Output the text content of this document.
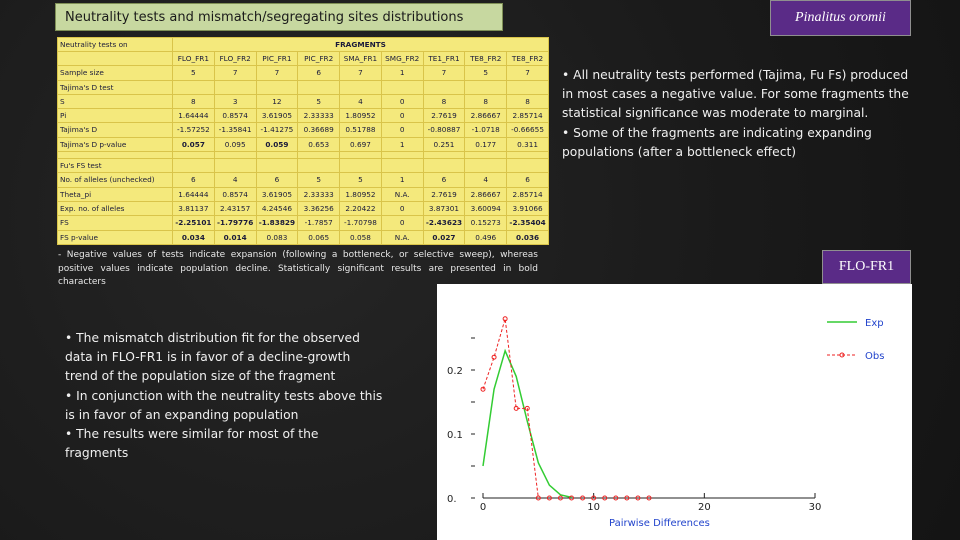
Neutrality tests and mismatch/segregating sites distributions	Pinalitus oromii
Neutrality tests on	FRAGMENTS								
	FLO_FR1	FLO_FR2	PIC_FR1	PIC_FR2	SMA_FR1	SMG_FR2	TE1_FR1	TE8_FR2	TE8_FR2
Sample size	5	7	7	6	7	1	7	5	7
Tajima's D test									
S	8	3	12	5	4	0	8	8	8
Pi	1.64444	0.8574	3.61905	2.33333	1.80952	0	2.7619	2.86667	2.85714
Tajima's D	-1.57252	-1.35841	-1.41275	0.36689	0.51788	0	-0.80887	-1.0718	-0.66655
Tajima's D p-value	0.057	0.095	0.059	0.653	0.697	1	0.251	0.177	0.311

Fu's FS test									
No. of alleles (unchecked)	6	4	6	5	5	1	6	4	6
Theta_pi	1.64444	0.8574	3.61905	2.33333	1.80952	N.A.	2.7619	2.86667	2.85714
Exp. no. of alleles	3.81137	2.43157	4.24546	3.36256	2.20422	0	3.87301	3.60094	3.91066
FS	-2.25101	-1.79776	-1.83829	-1.7857	-1.70798	0	-2.43623	0.15273	-2.35404
FS p-value	0.034	0.014	0.083	0.065	0.058	N.A.	0.027	0.496	0.036
- Negative values of tests indicate expansion (following a bottleneck, or selective sweep), whereas positive values indicate population decline. Statistically significant results are presented in bold characters

• All neutrality tests performed (Tajima, Fu Fs) produced in most cases a negative value. For some fragments the statistical significance was moderate to marginal.

• Some of the fragments are indicating expanding populations (after a bottleneck effect)

• The mismatch distribution fit for the observed data in FLO-FR1 is in favor of a decline-growth trend of the population size of the fragment

• In conjunction with the neutrality tests above this is in favor of an expanding population

• The results were similar for most of the fragments

FLO-FR1
0	10	20	30
0.
0.1
0.2
Pairwise Differences
Exp
Obs
